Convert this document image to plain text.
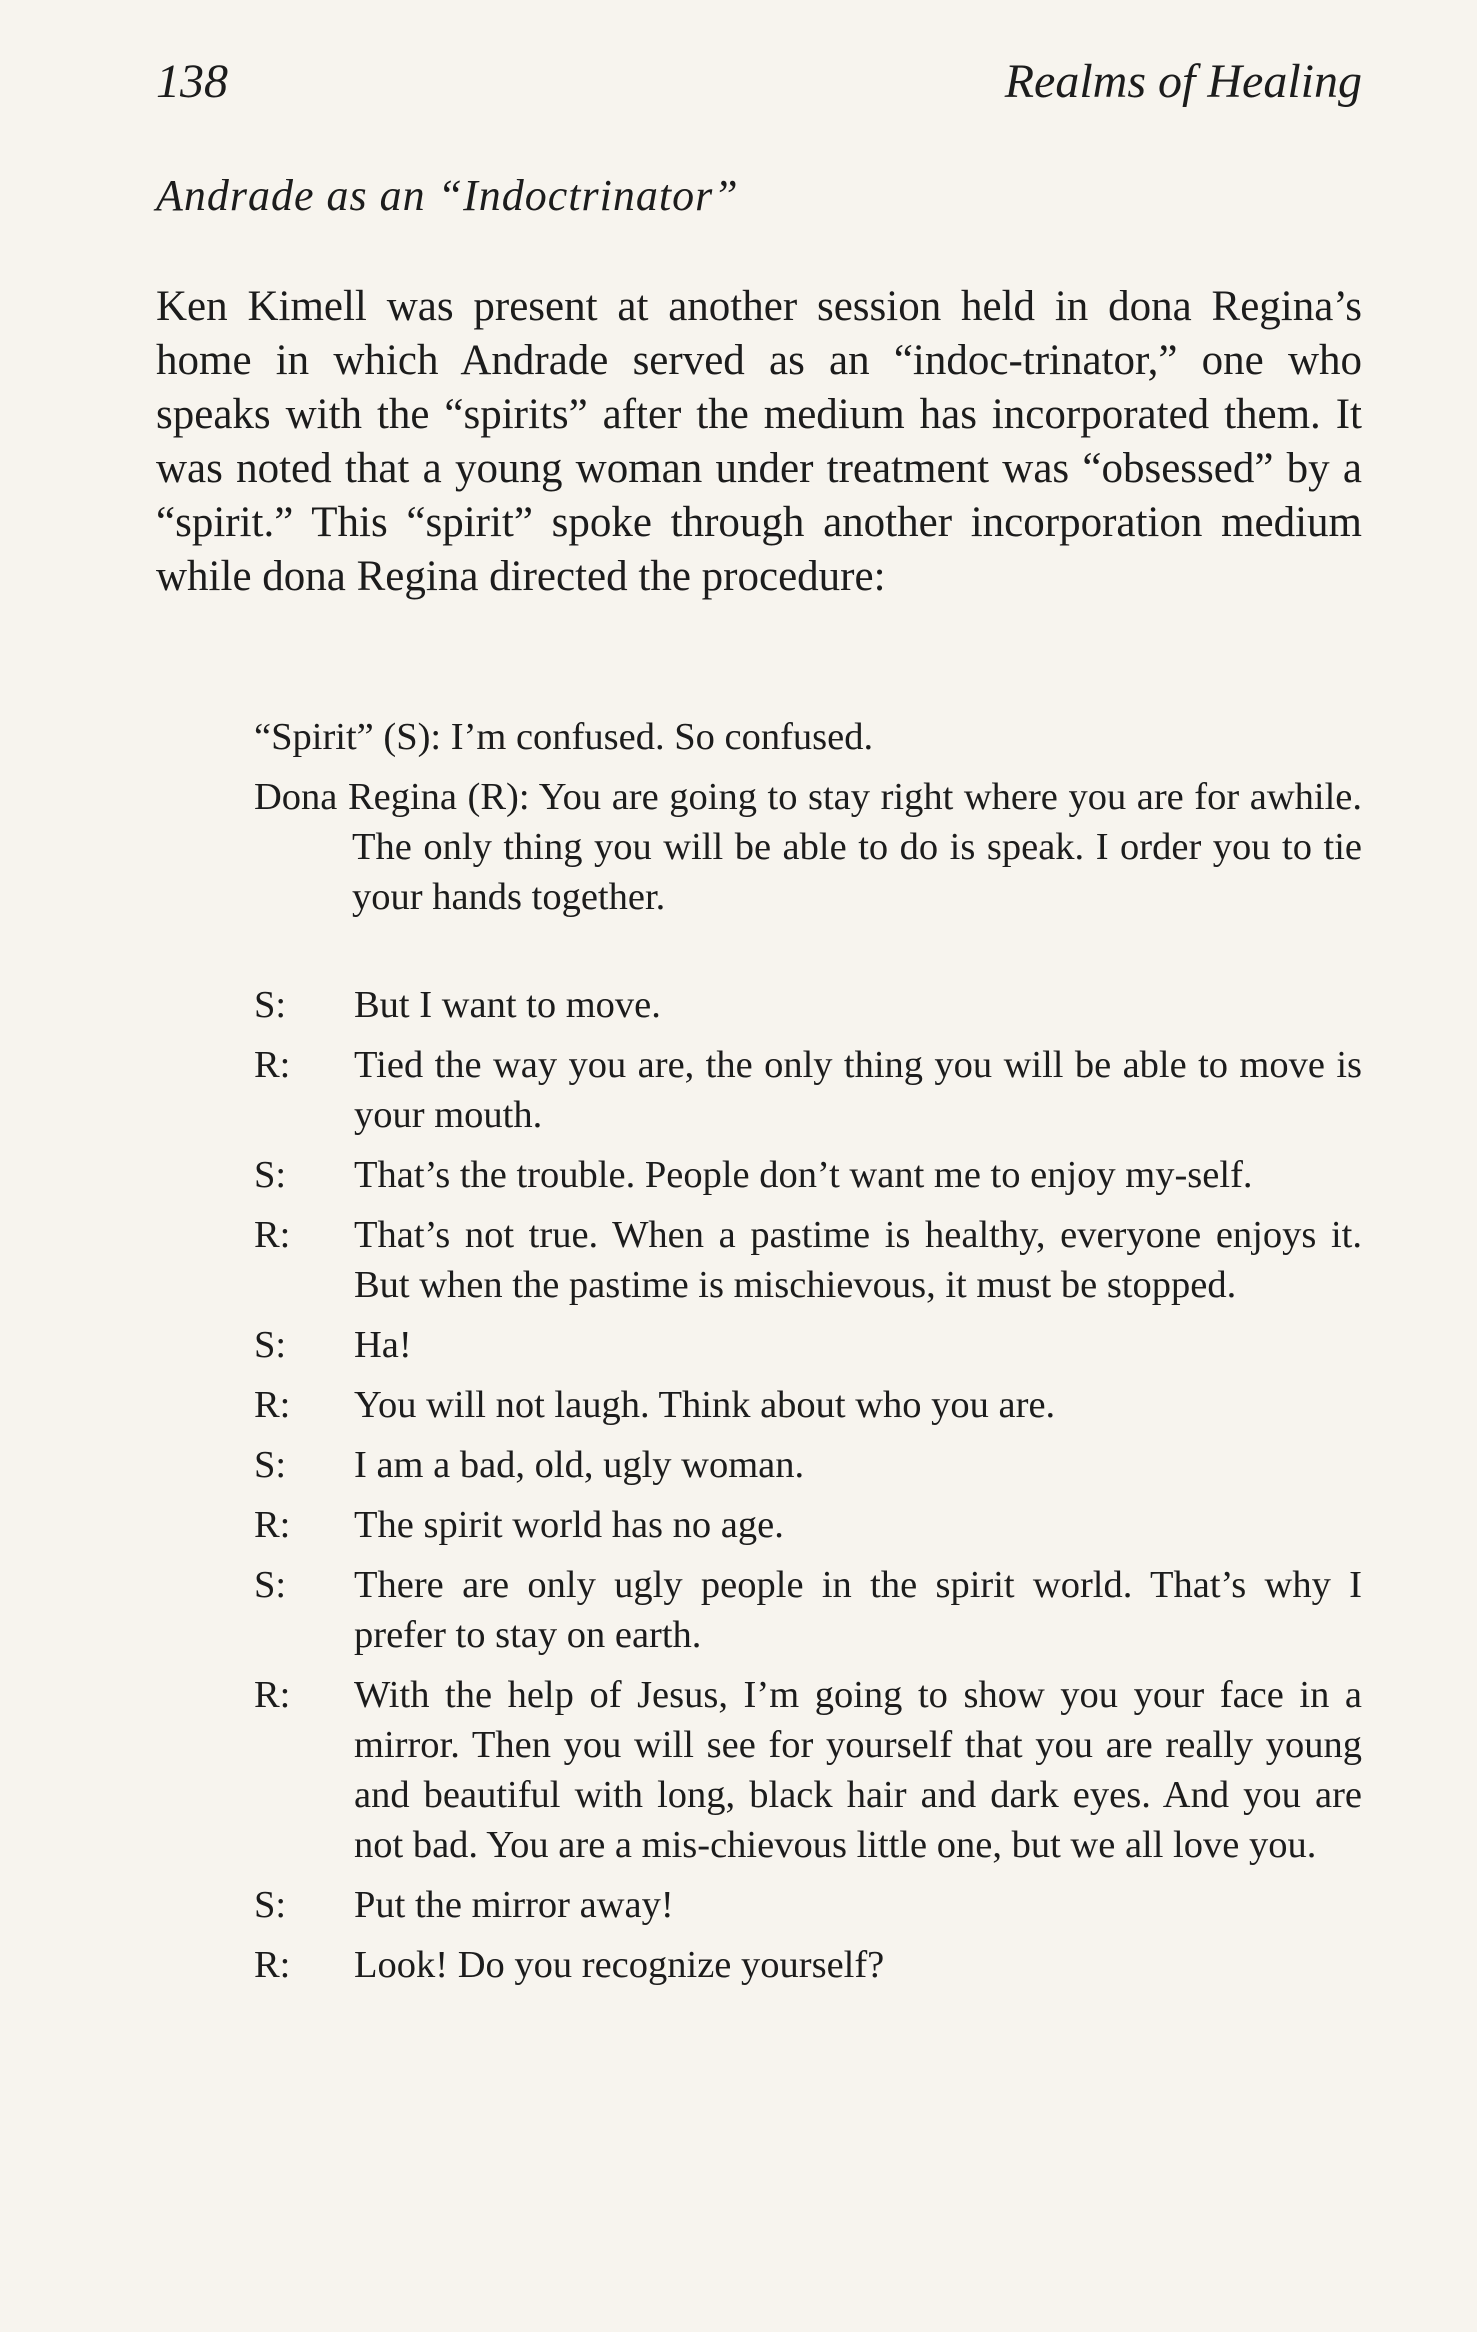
138	Realms of Healing
Andrade as an “Indoctrinator”

Ken Kimell was present at another session held in dona Regina’s home in which Andrade served as an “indoc-trinator,” one who speaks with the “spirits” after the medium has incorporated them. It was noted that a young woman under treatment was “obsessed” by a “spirit.” This “spirit” spoke through another incorporation medium while dona Regina directed the procedure:

“Spirit” (S): I’m confused. So confused.
Dona Regina (R): You are going to stay right where you are for awhile. The only thing you will be able to do is speak. I order you to tie your hands together.
S:	But I want to move.
R:	Tied the way you are, the only thing you will be able to move is your mouth.
S:	That’s the trouble. People don’t want me to enjoy my-self.
R:	That’s not true. When a pastime is healthy, everyone enjoys it. But when the pastime is mischievous, it must be stopped.
S:	Ha!
R:	You will not laugh. Think about who you are.
S:	I am a bad, old, ugly woman.
R:	The spirit world has no age.
S:	There are only ugly people in the spirit world. That’s why I prefer to stay on earth.
R:	With the help of Jesus, I’m going to show you your face in a mirror. Then you will see for yourself that you are really young and beautiful with long, black hair and dark eyes. And you are not bad. You are a mis-chievous little one, but we all love you.
S:	Put the mirror away!
R:	Look! Do you recognize yourself?
